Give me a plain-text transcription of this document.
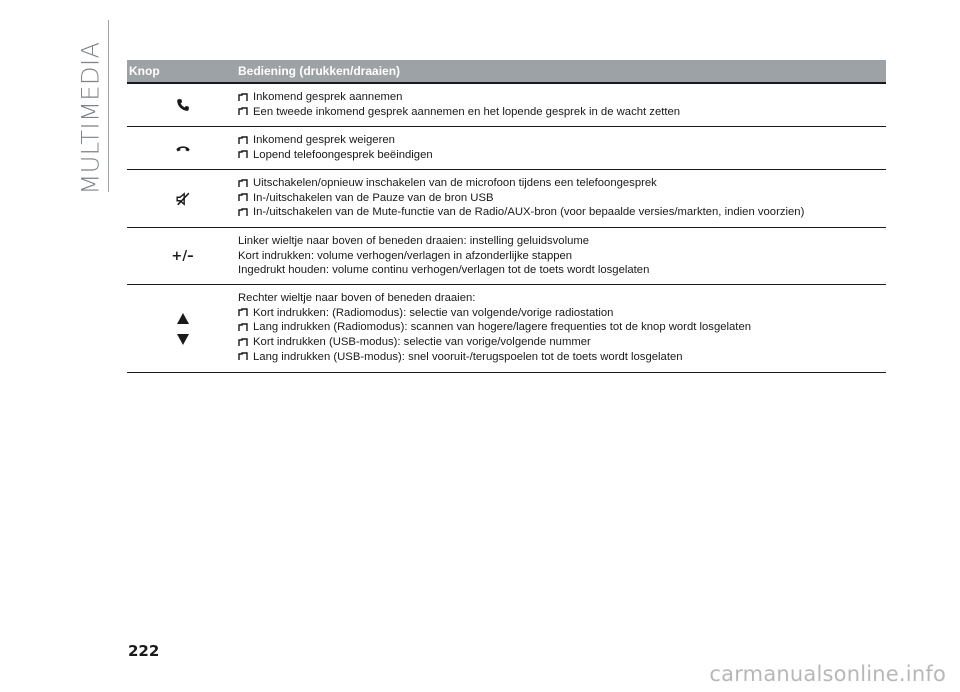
MULTIMEDIA Knop	Bediening (drukken/draaien)
Inkomend gesprek aannemen
Een tweede inkomend gesprek aannemen en het lopende gesprek in de wacht zetten
Inkomend gesprek weigeren
Lopend telefoongesprek beëindigen
Uitschakelen/opnieuw inschakelen van de microfoon tijdens een telefoongesprek
In-/uitschakelen van de Pauze van de bron USB
In-/uitschakelen van de Mute-functie van de Radio/AUX-bron (voor bepaalde versies/markten, indien voorzien)
+/–
Linker wieltje naar boven of beneden draaien: instelling geluidsvolume
Kort indrukken: volume verhogen/verlagen in afzonderlijke stappen
Ingedrukt houden: volume continu verhogen/verlagen tot de toets wordt losgelaten
Rechter wieltje naar boven of beneden draaien:
Kort indrukken: (Radiomodus): selectie van volgende/vorige radiostation
Lang indrukken (Radiomodus): scannen van hogere/lagere frequenties tot de knop wordt losgelaten
Kort indrukken (USB-modus): selectie van vorige/volgende nummer
Lang indrukken (USB-modus): snel vooruit-/terugspoelen tot de toets wordt losgelaten
222
carmanualsonline.info
